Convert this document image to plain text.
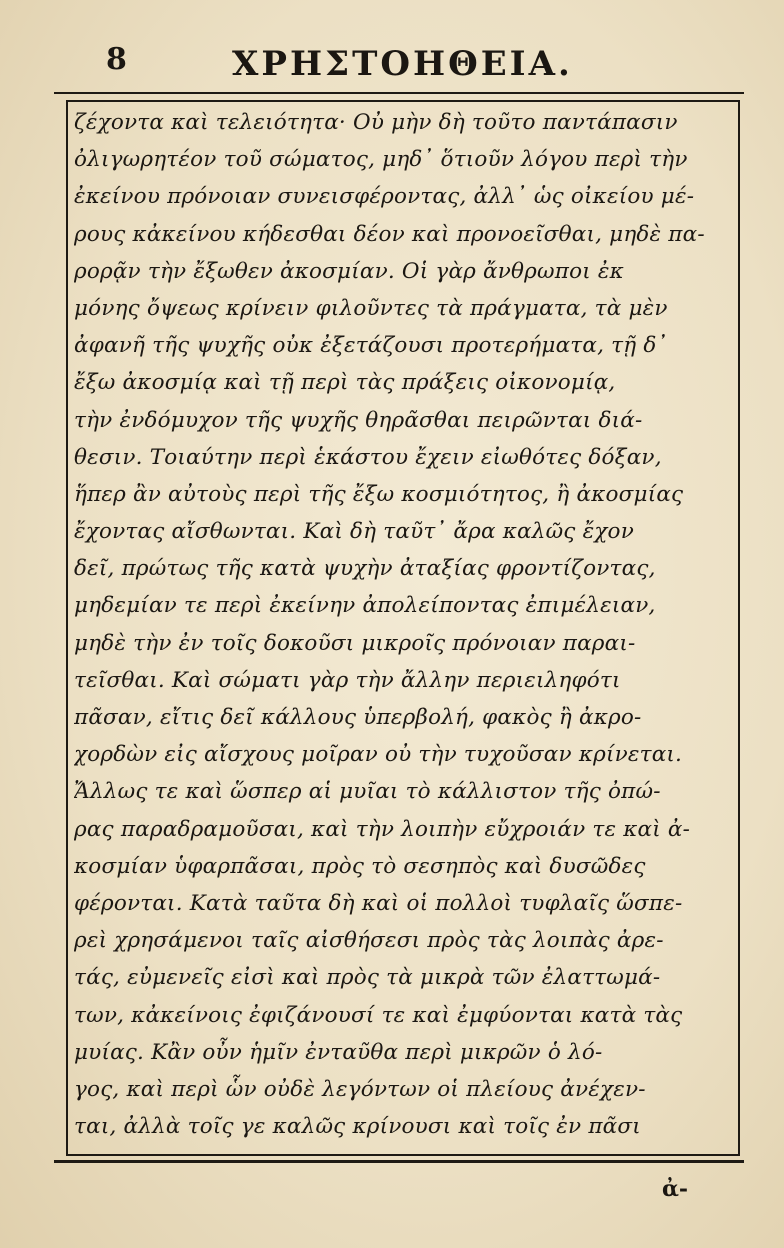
8	ΧΡΗΣΤΟΗΘΕΙΑ.
ζέχοντα καὶ τελειότητα· Οὐ μὴν δὴ τοῦτο παντάπασιν
ὀλιγωρητέον τοῦ σώματος, μηδ᾽ ὅτιοῦν λόγου περὶ τὴν
ἐκείνου πρόνοιαν συνεισφέροντας, ἀλλ᾽ ὡς οἰκείου μέ-
ρους κἀκείνου κήδεσθαι δέον καὶ προνοεῖσθαι, μηδὲ πα-
ρορᾷν τὴν ἔξωθεν ἀκοσμίαν. Οἱ γὰρ ἄνθρωποι ἐκ
μόνης ὄψεως κρίνειν φιλοῦντες τὰ πράγματα, τὰ μὲν
ἀφανῆ τῆς ψυχῆς οὐκ ἐξετάζουσι προτερήματα, τῇ δ᾽
ἔξω ἀκοσμίᾳ καὶ τῇ περὶ τὰς πράξεις οἰκονομίᾳ,
τὴν ἐνδόμυχον τῆς ψυχῆς θηρᾶσθαι πειρῶνται διά-
θεσιν. Τοιαύτην περὶ ἑκάστου ἔχειν εἰωθότες δόξαν,
ἥπερ ἂν αὐτοὺς περὶ τῆς ἔξω κοσμιότητος, ἢ ἀκοσμίας
ἔχοντας αἴσθωνται. Καὶ δὴ ταῦτ᾽ ἄρα καλῶς ἔχον
δεῖ, πρώτως τῆς κατὰ ψυχὴν ἀταξίας φροντίζοντας,
μηδεμίαν τε περὶ ἐκείνην ἀπολείποντας ἐπιμέλειαν,
μηδὲ τὴν ἐν τοῖς δοκοῦσι μικροῖς πρόνοιαν παραι-
τεῖσθαι. Καὶ σώματι γὰρ τὴν ἄλλην περιειληφότι
πᾶσαν, εἴτις δεῖ κάλλους ὑπερβολή, φακὸς ἢ ἀκρο-
χορδὼν εἰς αἴσχους μοῖραν οὐ τὴν τυχοῦσαν κρίνεται.
Ἄλλως τε καὶ ὥσπερ αἱ μυῖαι τὸ κάλλιστον τῆς ὀπώ-
ρας παραδραμοῦσαι, καὶ τὴν λοιπὴν εὔχροιάν τε καὶ ἀ-
κοσμίαν ὑφαρπᾶσαι, πρὸς τὸ σεσηπὸς καὶ δυσῶδες
φέρονται. Κατὰ ταῦτα δὴ καὶ οἱ πολλοὶ τυφλαῖς ὥσπε-
ρεὶ χρησάμενοι ταῖς αἰσθήσεσι πρὸς τὰς λοιπὰς ἀρε-
τάς, εὐμενεῖς εἰσὶ καὶ πρὸς τὰ μικρὰ τῶν ἐλαττωμά-
των, κἀκείνοις ἐφιζάνουσί τε καὶ ἐμφύονται κατὰ τὰς
μυίας. Κἂν οὖν ἡμῖν ἐνταῦθα περὶ μικρῶν ὁ λό-
γος, καὶ περὶ ὧν οὐδὲ λεγόντων οἱ πλείους ἀνέχεν-
ται, ἀλλὰ τοῖς γε καλῶς κρίνουσι καὶ τοῖς ἐν πᾶσι
ἀ-
